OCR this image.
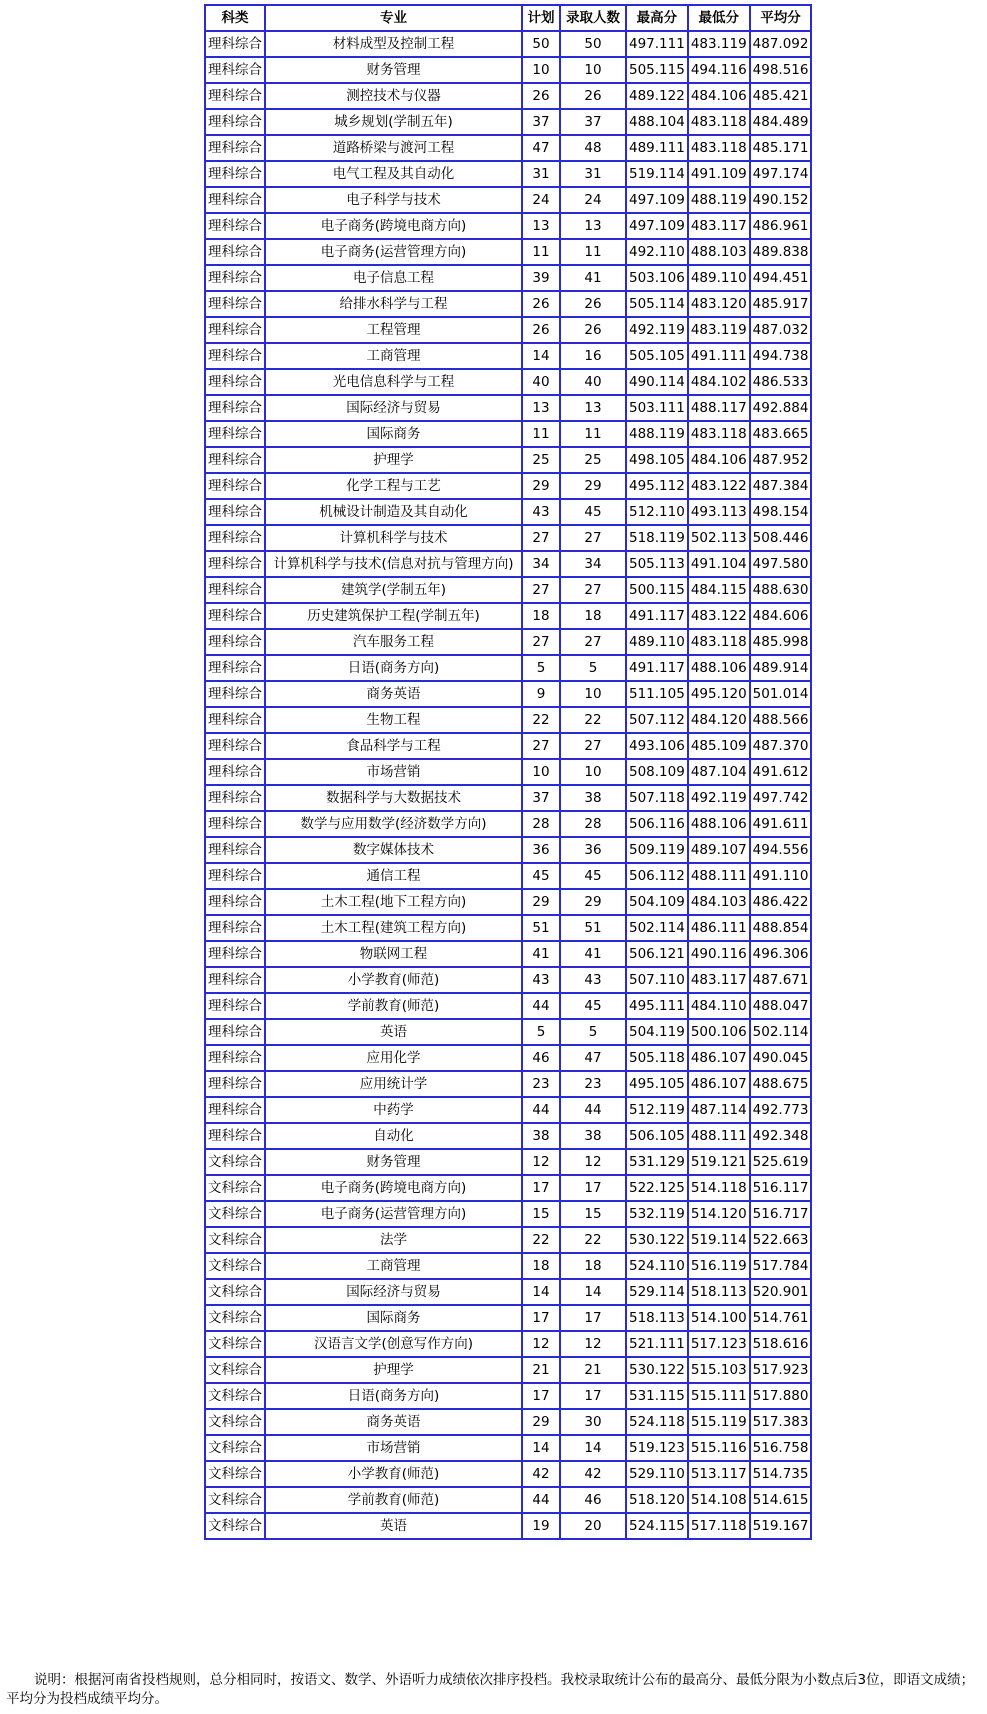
科类	专业	计划	录取人数	最高分	最低分	平均分
理科综合	材料成型及控制工程	50	50	497.111	483.119	487.092
理科综合	财务管理	10	10	505.115	494.116	498.516
理科综合	测控技术与仪器	26	26	489.122	484.106	485.421
理科综合	城乡规划(学制五年)	37	37	488.104	483.118	484.489
理科综合	道路桥梁与渡河工程	47	48	489.111	483.118	485.171
理科综合	电气工程及其自动化	31	31	519.114	491.109	497.174
理科综合	电子科学与技术	24	24	497.109	488.119	490.152
理科综合	电子商务(跨境电商方向)	13	13	497.109	483.117	486.961
理科综合	电子商务(运营管理方向)	11	11	492.110	488.103	489.838
理科综合	电子信息工程	39	41	503.106	489.110	494.451
理科综合	给排水科学与工程	26	26	505.114	483.120	485.917
理科综合	工程管理	26	26	492.119	483.119	487.032
理科综合	工商管理	14	16	505.105	491.111	494.738
理科综合	光电信息科学与工程	40	40	490.114	484.102	486.533
理科综合	国际经济与贸易	13	13	503.111	488.117	492.884
理科综合	国际商务	11	11	488.119	483.118	483.665
理科综合	护理学	25	25	498.105	484.106	487.952
理科综合	化学工程与工艺	29	29	495.112	483.122	487.384
理科综合	机械设计制造及其自动化	43	45	512.110	493.113	498.154
理科综合	计算机科学与技术	27	27	518.119	502.113	508.446
理科综合	计算机科学与技术(信息对抗与管理方向)	34	34	505.113	491.104	497.580
理科综合	建筑学(学制五年)	27	27	500.115	484.115	488.630
理科综合	历史建筑保护工程(学制五年)	18	18	491.117	483.122	484.606
理科综合	汽车服务工程	27	27	489.110	483.118	485.998
理科综合	日语(商务方向)	5	5	491.117	488.106	489.914
理科综合	商务英语	9	10	511.105	495.120	501.014
理科综合	生物工程	22	22	507.112	484.120	488.566
理科综合	食品科学与工程	27	27	493.106	485.109	487.370
理科综合	市场营销	10	10	508.109	487.104	491.612
理科综合	数据科学与大数据技术	37	38	507.118	492.119	497.742
理科综合	数学与应用数学(经济数学方向)	28	28	506.116	488.106	491.611
理科综合	数字媒体技术	36	36	509.119	489.107	494.556
理科综合	通信工程	45	45	506.112	488.111	491.110
理科综合	土木工程(地下工程方向)	29	29	504.109	484.103	486.422
理科综合	土木工程(建筑工程方向)	51	51	502.114	486.111	488.854
理科综合	物联网工程	41	41	506.121	490.116	496.306
理科综合	小学教育(师范)	43	43	507.110	483.117	487.671
理科综合	学前教育(师范)	44	45	495.111	484.110	488.047
理科综合	英语	5	5	504.119	500.106	502.114
理科综合	应用化学	46	47	505.118	486.107	490.045
理科综合	应用统计学	23	23	495.105	486.107	488.675
理科综合	中药学	44	44	512.119	487.114	492.773
理科综合	自动化	38	38	506.105	488.111	492.348
文科综合	财务管理	12	12	531.129	519.121	525.619
文科综合	电子商务(跨境电商方向)	17	17	522.125	514.118	516.117
文科综合	电子商务(运营管理方向)	15	15	532.119	514.120	516.717
文科综合	法学	22	22	530.122	519.114	522.663
文科综合	工商管理	18	18	524.110	516.119	517.784
文科综合	国际经济与贸易	14	14	529.114	518.113	520.901
文科综合	国际商务	17	17	518.113	514.100	514.761
文科综合	汉语言文学(创意写作方向)	12	12	521.111	517.123	518.616
文科综合	护理学	21	21	530.122	515.103	517.923
文科综合	日语(商务方向)	17	17	531.115	515.111	517.880
文科综合	商务英语	29	30	524.118	515.119	517.383
文科综合	市场营销	14	14	519.123	515.116	516.758
文科综合	小学教育(师范)	42	42	529.110	513.117	514.735
文科综合	学前教育(师范)	44	46	518.120	514.108	514.615
文科综合	英语	19	20	524.115	517.118	519.167
说明：根据河南省投档规则，总分相同时，按语文、数学、外语听力成绩依次排序投档。我校录取统计公布的最高分、最低分限为小数点后3位，即语文成绩；平均分为投档成绩平均分。
